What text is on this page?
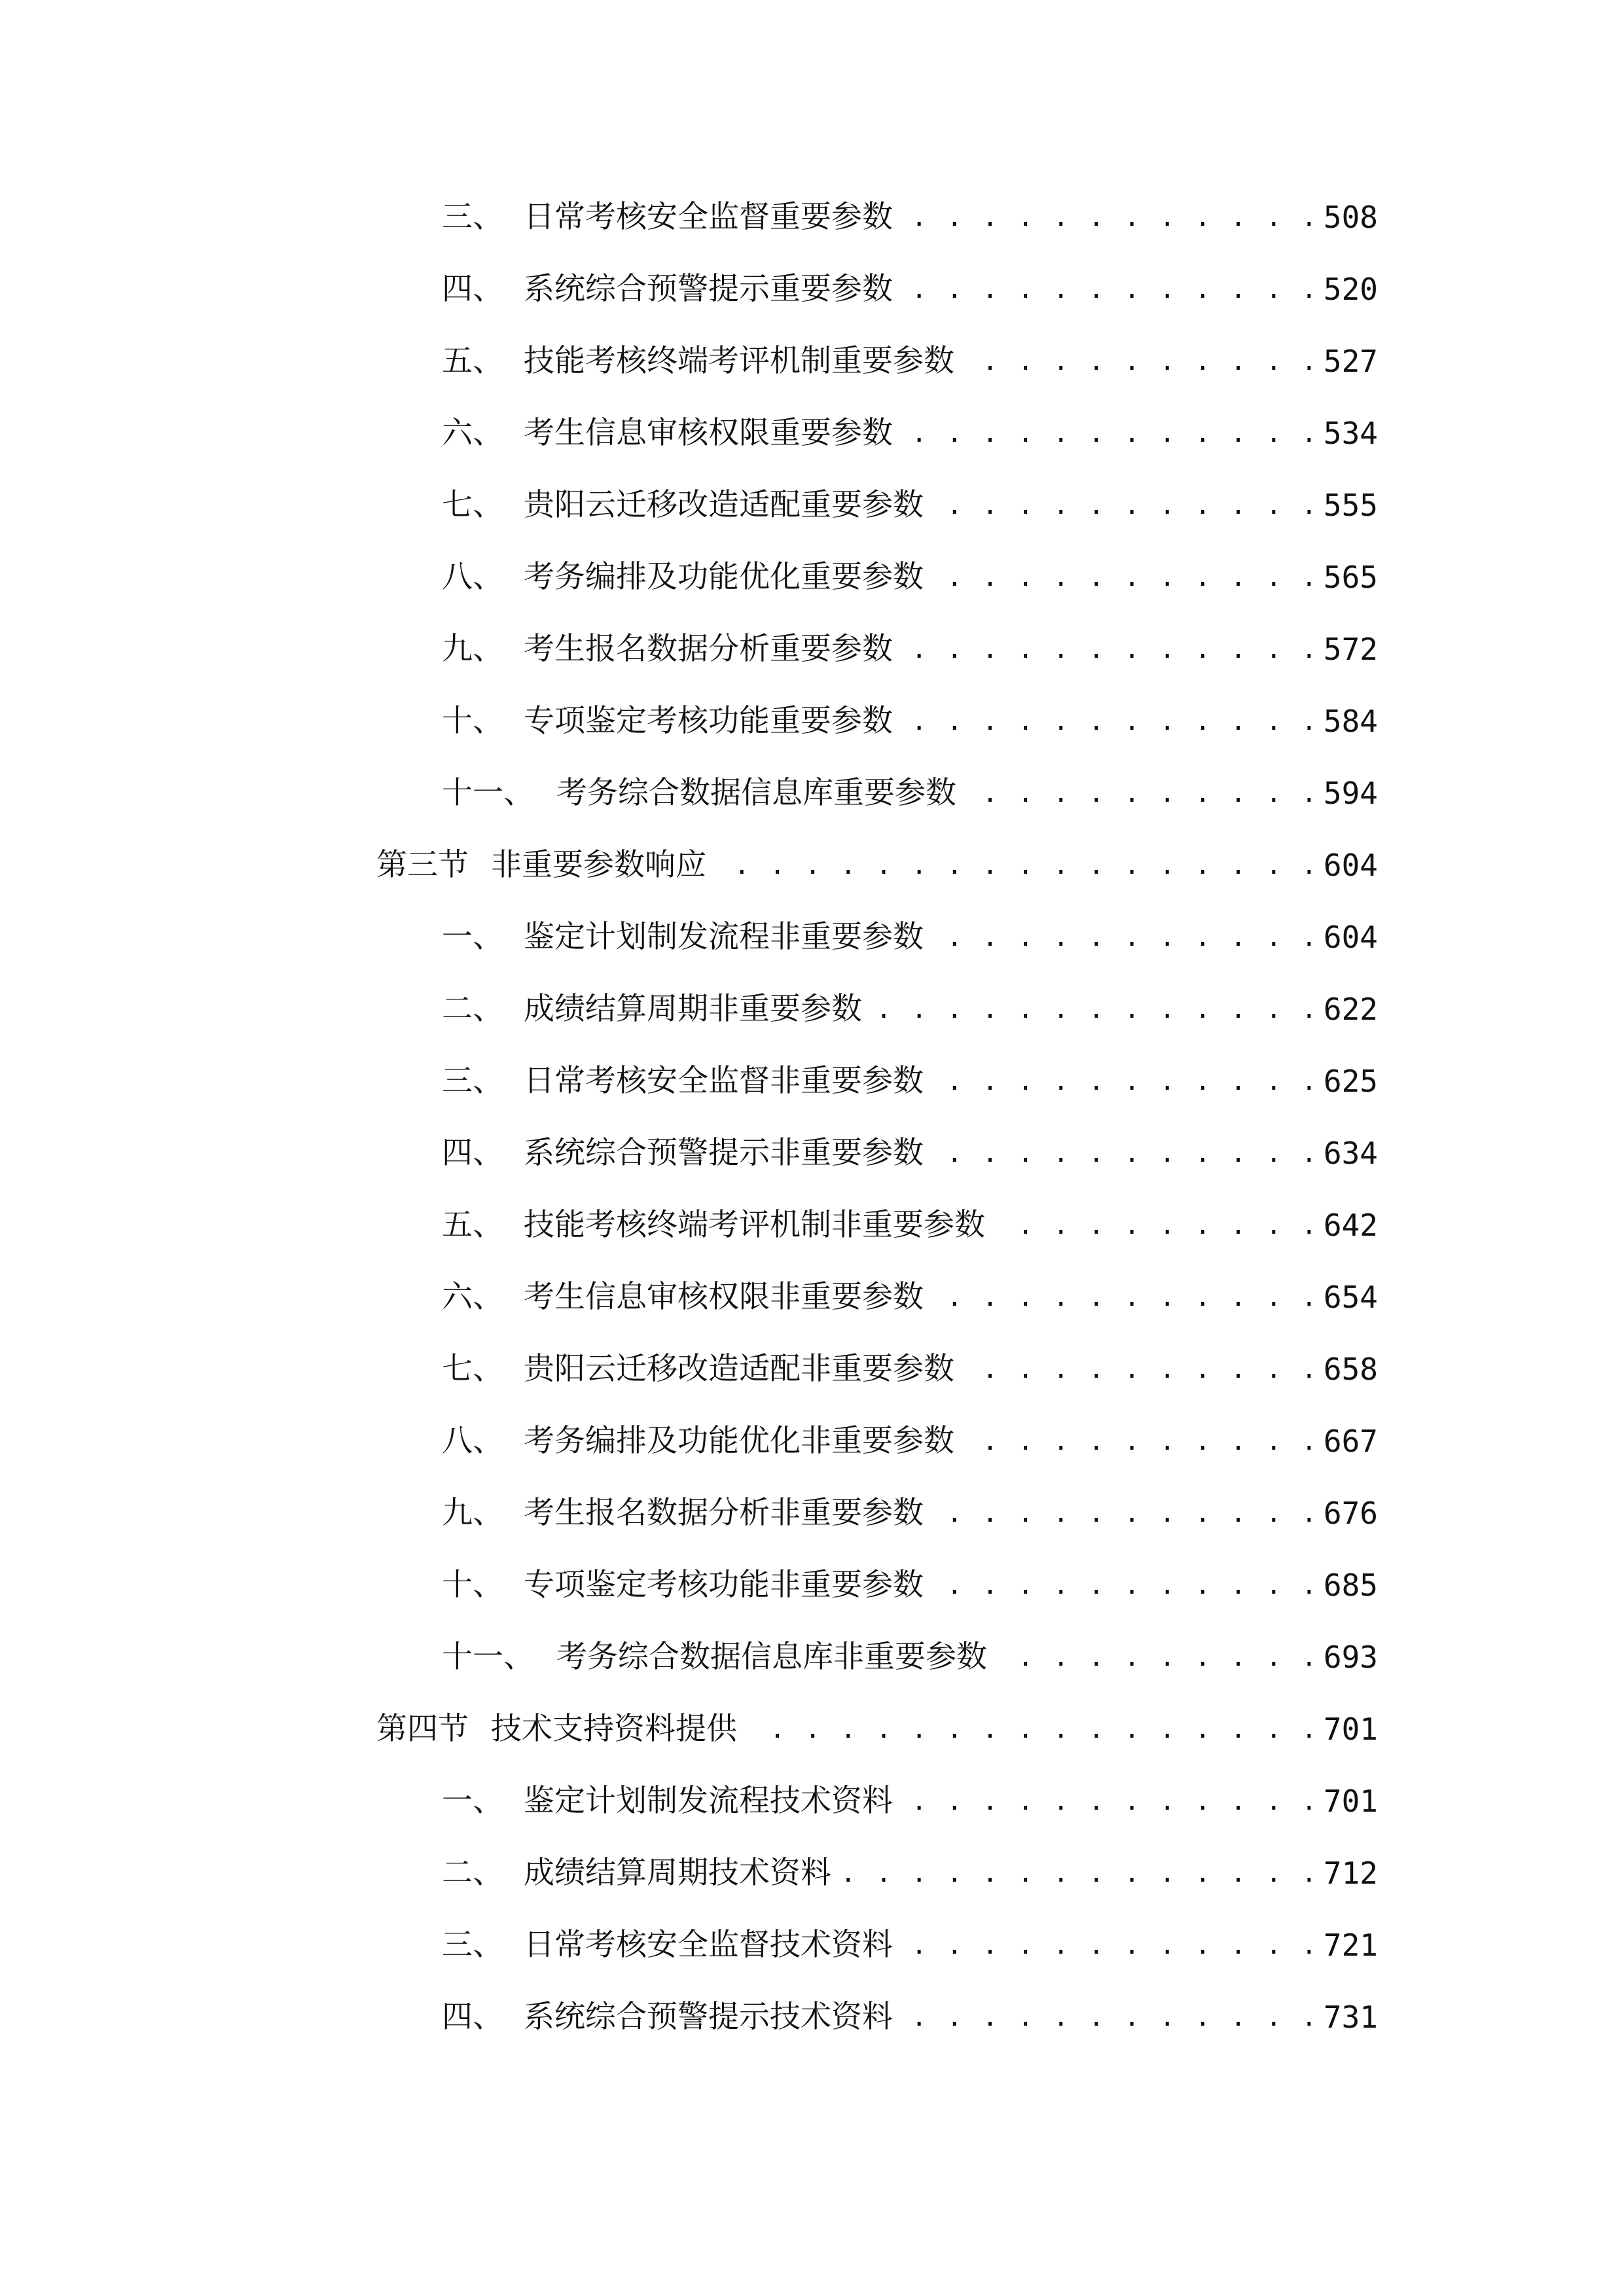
三、 日常考核安全监督重要参数 . . .	508
四、 系统综合预警提示重要参数 . . .	520
五、 技能考核终端考评机制重要参数 . . .	527
六、 考生信息审核权限重要参数 . . .	534
七、 贵阳云迁移改造适配重要参数 . . .	555
八、 考务编排及功能优化重要参数 . . .	565
九、 考生报名数据分析重要参数 . . .	572
十、 专项鉴定考核功能重要参数 . . .	584
十一、 考务综合数据信息库重要参数 . . .	594
第三节 非重要参数响应 . . .	604
一、 鉴定计划制发流程非重要参数 . . .	604
二、 成绩结算周期非重要参数 . . .	622
三、 日常考核安全监督非重要参数 . . .	625
四、 系统综合预警提示非重要参数 . . .	634
五、 技能考核终端考评机制非重要参数 . . .	642
六、 考生信息审核权限非重要参数 . . .	654
七、 贵阳云迁移改造适配非重要参数 . . .	658
八、 考务编排及功能优化非重要参数 . . .	667
九、 考生报名数据分析非重要参数 . . .	676
十、 专项鉴定考核功能非重要参数 . . .	685
十一、 考务综合数据信息库非重要参数 . . .	693
第四节 技术支持资料提供 . . .	701
一、 鉴定计划制发流程技术资料 . . .	701
二、 成绩结算周期技术资料 . . .	712
三、 日常考核安全监督技术资料 . . .	721
四、 系统综合预警提示技术资料 . . .	731
